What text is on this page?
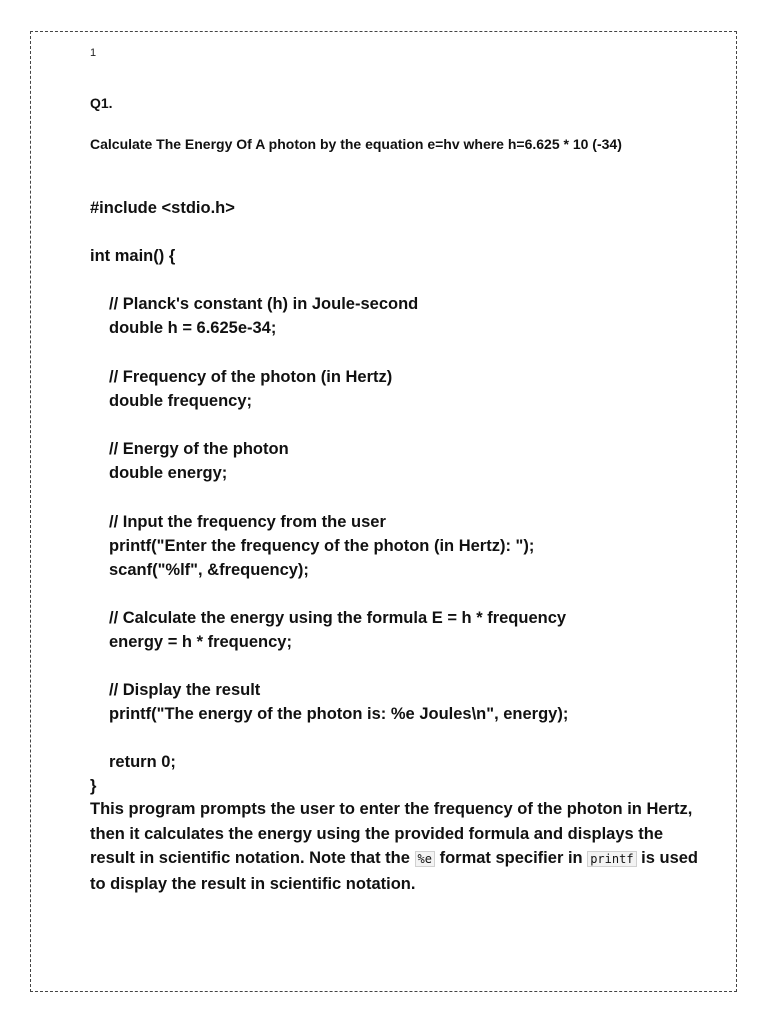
1
Q1.
Calculate The Energy Of A photon by the equation e=hv where h=6.625 * 10 (-34)
#include <stdio.h>
int main() {
// Planck's constant (h) in Joule-second
double h = 6.625e-34;
// Frequency of the photon (in Hertz)
double frequency;
// Energy of the photon
double energy;
// Input the frequency from the user
printf("Enter the frequency of the photon (in Hertz): ");
scanf("%lf", &frequency);
// Calculate the energy using the formula E = h * frequency
energy = h * frequency;
// Display the result
printf("The energy of the photon is: %e Joules\n", energy);
return 0;
}
This program prompts the user to enter the frequency of the photon in Hertz, then it calculates the energy using the provided formula and displays the result in scientific notation. Note that the %e format specifier in printf is used to display the result in scientific notation.
